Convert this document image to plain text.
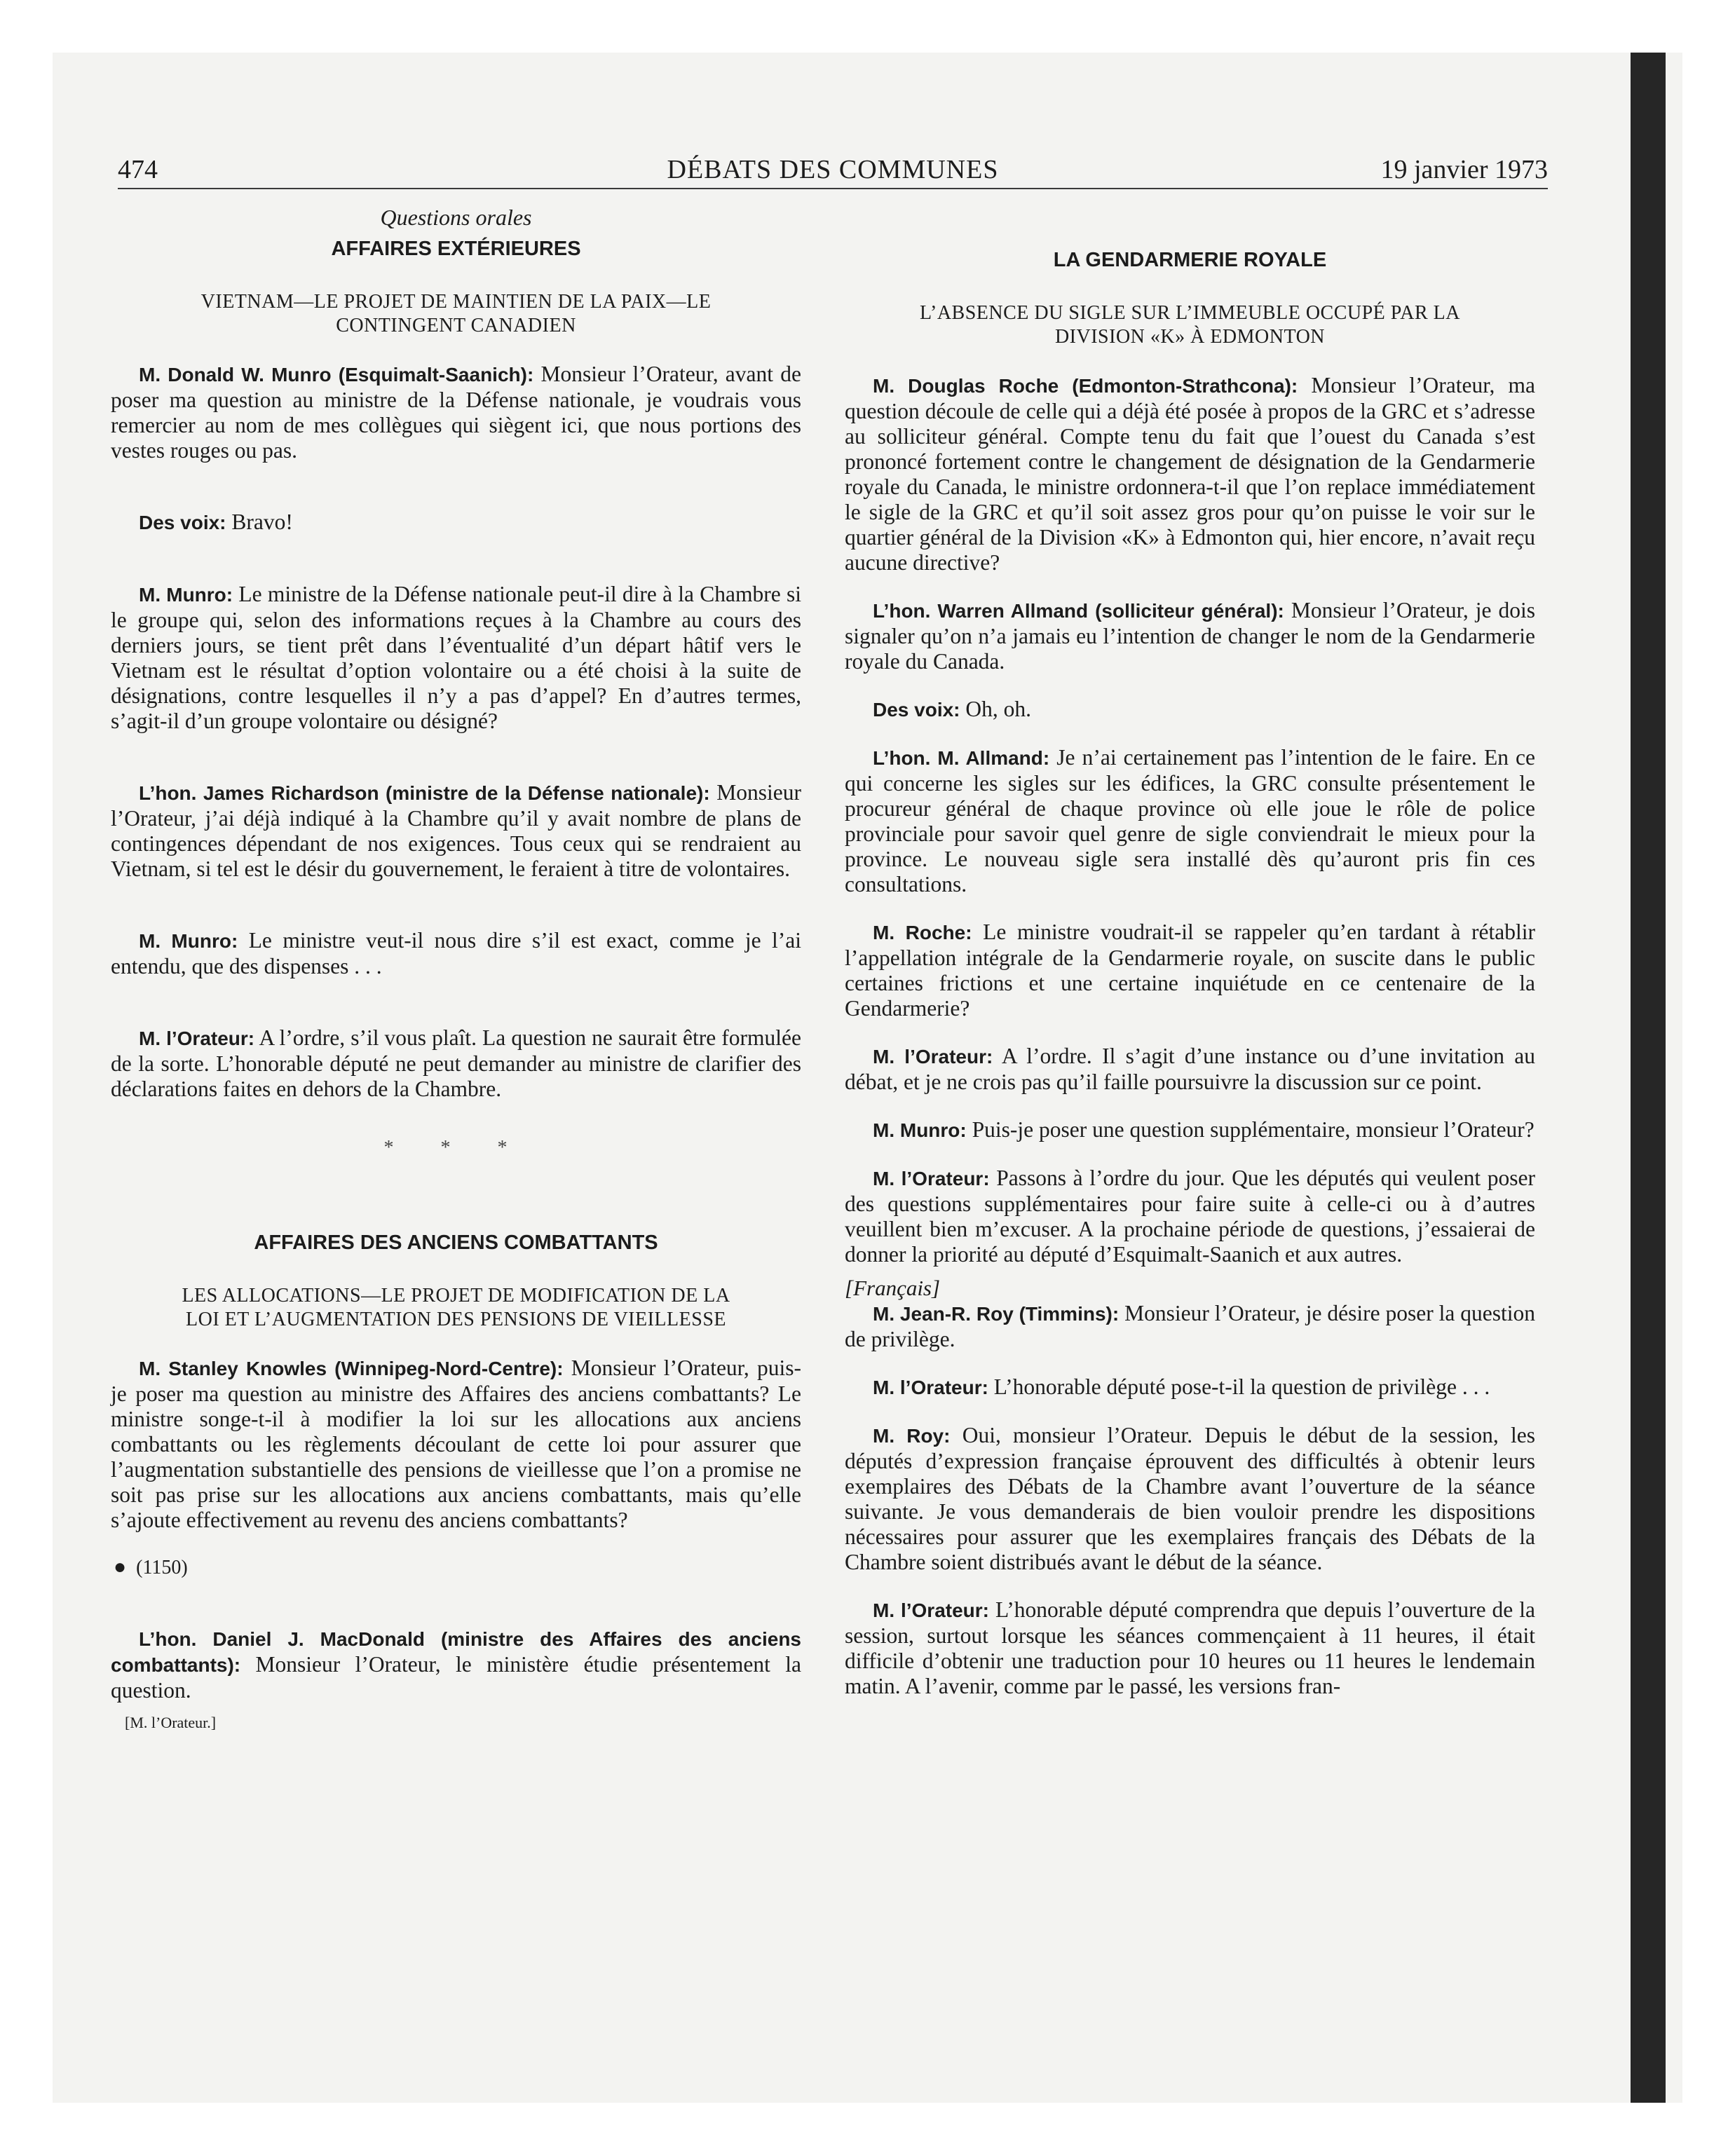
474	DÉBATS DES COMMUNES	19 janvier 1973
Questions orales
AFFAIRES EXTÉRIEURES
VIETNAM—LE PROJET DE MAINTIEN DE LA PAIX—LE
CONTINGENT CANADIEN

M. Donald W. Munro (Esquimalt-Saanich): Monsieur l’Orateur, avant de poser ma question au ministre de la Défense nationale, je voudrais vous remercier au nom de mes collègues qui siègent ici, que nous portions des vestes rouges ou pas.

Des voix: Bravo!

M. Munro: Le ministre de la Défense nationale peut-il dire à la Chambre si le groupe qui, selon des informations reçues à la Chambre au cours des derniers jours, se tient prêt dans l’éventualité d’un départ hâtif vers le Vietnam est le résultat d’option volontaire ou a été choisi à la suite de désignations, contre lesquelles il n’y a pas d’appel? En d’autres termes, s’agit-il d’un groupe volontaire ou désigné?

L’hon. James Richardson (ministre de la Défense nationale): Monsieur l’Orateur, j’ai déjà indiqué à la Chambre qu’il y avait nombre de plans de contingences dépendant de nos exigences. Tous ceux qui se rendraient au Vietnam, si tel est le désir du gouvernement, le feraient à titre de volontaires.

M. Munro: Le ministre veut-il nous dire s’il est exact, comme je l’ai entendu, que des dispenses . . .

M. l’Orateur: A l’ordre, s’il vous plaît. La question ne saurait être formulée de la sorte. L’honorable député ne peut demander au ministre de clarifier des déclarations faites en dehors de la Chambre.

* * *
AFFAIRES DES ANCIENS COMBATTANTS
LES ALLOCATIONS—LE PROJET DE MODIFICATION DE LA
LOI ET L’AUGMENTATION DES PENSIONS DE VIEILLESSE

M. Stanley Knowles (Winnipeg-Nord-Centre): Monsieur l’Orateur, puis-je poser ma question au ministre des Affaires des anciens combattants? Le ministre songe-t-il à modifier la loi sur les allocations aux anciens combattants ou les règlements découlant de cette loi pour assurer que l’augmentation substantielle des pensions de vieillesse que l’on a promise ne soit pas prise sur les allocations aux anciens combattants, mais qu’elle s’ajoute effectivement au revenu des anciens combattants?

● (1150)

L’hon. Daniel J. MacDonald (ministre des Affaires des anciens combattants): Monsieur l’Orateur, le ministère étudie présentement la question.

[M. l’Orateur.]
LA GENDARMERIE ROYALE
L’ABSENCE DU SIGLE SUR L’IMMEUBLE OCCUPÉ PAR LA
DIVISION «K» À EDMONTON

M. Douglas Roche (Edmonton-Strathcona): Monsieur l’Orateur, ma question découle de celle qui a déjà été posée à propos de la GRC et s’adresse au solliciteur général. Compte tenu du fait que l’ouest du Canada s’est prononcé fortement contre le changement de désignation de la Gendarmerie royale du Canada, le ministre ordonnera-t-il que l’on replace immédiatement le sigle de la GRC et qu’il soit assez gros pour qu’on puisse le voir sur le quartier général de la Division «K» à Edmonton qui, hier encore, n’avait reçu aucune directive?

L’hon. Warren Allmand (solliciteur général): Monsieur l’Orateur, je dois signaler qu’on n’a jamais eu l’intention de changer le nom de la Gendarmerie royale du Canada.

Des voix: Oh, oh.

L’hon. M. Allmand: Je n’ai certainement pas l’intention de le faire. En ce qui concerne les sigles sur les édifices, la GRC consulte présentement le procureur général de chaque province où elle joue le rôle de police provinciale pour savoir quel genre de sigle conviendrait le mieux pour la province. Le nouveau sigle sera installé dès qu’auront pris fin ces consultations.

M. Roche: Le ministre voudrait-il se rappeler qu’en tardant à rétablir l’appellation intégrale de la Gendarmerie royale, on suscite dans le public certaines frictions et une certaine inquiétude en ce centenaire de la Gendarmerie?

M. l’Orateur: A l’ordre. Il s’agit d’une instance ou d’une invitation au débat, et je ne crois pas qu’il faille poursuivre la discussion sur ce point.

M. Munro: Puis-je poser une question supplémentaire, monsieur l’Orateur?

M. l’Orateur: Passons à l’ordre du jour. Que les députés qui veulent poser des questions supplémentaires pour faire suite à celle-ci ou à d’autres veuillent bien m’excuser. A la prochaine période de questions, j’essaierai de donner la priorité au député d’Esquimalt-Saanich et aux autres.

[Français]

M. Jean-R. Roy (Timmins): Monsieur l’Orateur, je désire poser la question de privilège.

M. l’Orateur: L’honorable député pose-t-il la question de privilège . . .

M. Roy: Oui, monsieur l’Orateur. Depuis le début de la session, les députés d’expression française éprouvent des difficultés à obtenir leurs exemplaires des Débats de la Chambre avant l’ouverture de la séance suivante. Je vous demanderais de bien vouloir prendre les dispositions nécessaires pour assurer que les exemplaires français des Débats de la Chambre soient distribués avant le début de la séance.

M. l’Orateur: L’honorable député comprendra que depuis l’ouverture de la session, surtout lorsque les séances commençaient à 11 heures, il était difficile d’obtenir une traduction pour 10 heures ou 11 heures le lendemain matin. A l’avenir, comme par le passé, les versions fran-
